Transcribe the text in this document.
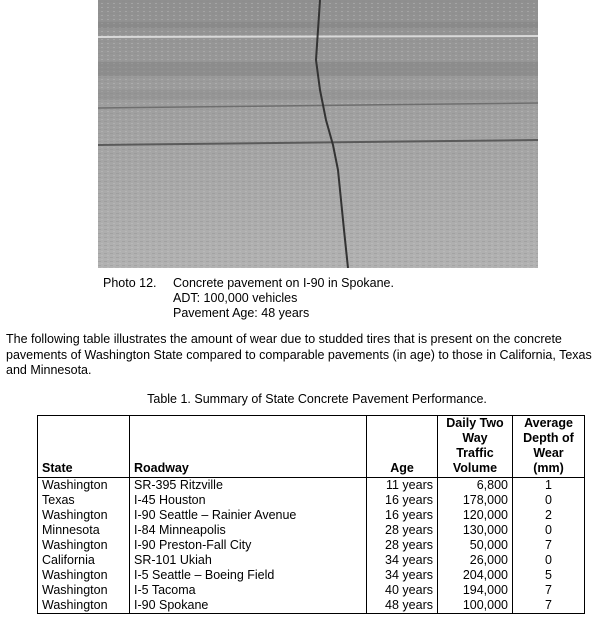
Photo 12.	Concrete pavement on I-90 in Spokane.
ADT: 100,000 vehicles
Pavement Age: 48 years
The following table illustrates the amount of wear due to studded tires that is present on the concrete pavements of Washington State compared to comparable pavements (in age) to those in California, Texas and Minnesota.
Table 1. Summary of State Concrete Pavement Performance.
State	Roadway	Age	Daily Two Way Traffic Volume	Average Depth of Wear (mm)
Washington	SR-395 Ritzville	11 years	6,800	1
Texas	I-45 Houston	16 years	178,000	0
Washington	I-90 Seattle – Rainier Avenue	16 years	120,000	2
Minnesota	I-84 Minneapolis	28 years	130,000	0
Washington	I-90 Preston-Fall City	28 years	50,000	7
California	SR-101 Ukiah	34 years	26,000	0
Washington	I-5 Seattle – Boeing Field	34 years	204,000	5
Washington	I-5 Tacoma	40 years	194,000	7
Washington	I-90 Spokane	48 years	100,000	7
